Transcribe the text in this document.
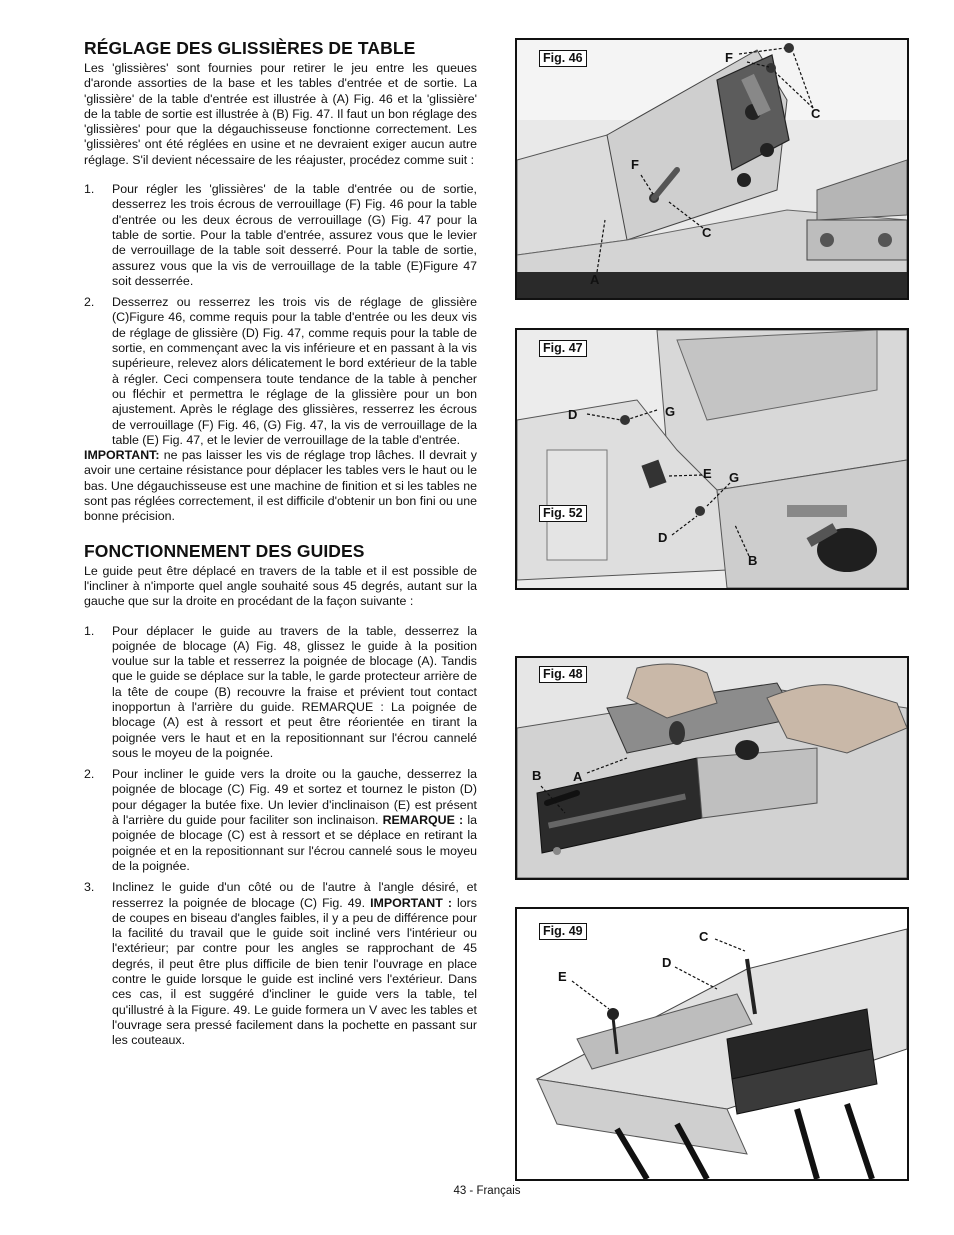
RÉGLAGE DES GLISSIÈRES DE TABLE

Les 'glissières' sont fournies pour retirer le jeu entre les queues d'aronde assorties de la base et les tables d'entrée et de sortie. La 'glissière' de la table d'entrée est illustrée à (A) Fig. 46 et la 'glissière' de la table de sortie est illustrée à (B) Fig. 47. Il faut un bon réglage des 'glissières' pour que la dégauchisseuse fonctionne correctement. Les 'glissières' ont été réglées en usine et ne devraient exiger aucun autre réglage. S'il devient nécessaire de les réajuster, procédez comme suit :

1. Pour régler les 'glissières' de la table d'entrée ou de sortie, desserrez les trois écrous de verrouillage (F) Fig. 46 pour la table d'entrée ou les deux écrous de verrouillage (G) Fig. 47 pour la table de sortie. Pour la table d'entrée, assurez vous que le levier de verrouillage de la table soit desserré. Pour la table de sortie, assurez vous que la vis de verrouillage de la table (E)Figure 47 soit desserrée.
2. Desserrez ou resserrez les trois vis de réglage de glissière (C)Figure 46, comme requis pour la table d'entrée ou les deux vis de réglage de glissière (D) Fig. 47, comme requis pour la table de sortie, en commençant avec la vis inférieure et en passant à la vis supérieure, relevez alors délicatement le bord extérieur de la table à régler. Ceci compensera toute tendance de la table à pencher ou fléchir et permettra le réglage de la glissière pour un bon ajustement. Après le réglage des glissières, resserrez les écrous de verrouillage (F) Fig. 46, (G) Fig. 47, la vis de verrouillage de la table (E) Fig. 47, et le levier de verrouillage de la table d'entrée.

IMPORTANT: ne pas laisser les vis de réglage trop lâches. Il devrait y avoir une certaine résistance pour déplacer les tables vers le haut ou le bas. Une dégauchisseuse est une machine de finition et si les tables ne sont pas réglées correctement, il est difficile d'obtenir un bon fini ou une bonne précision.

FONCTIONNEMENT DES GUIDES

Le guide peut être déplacé en travers de la table et il est possible de l'incliner à n'importe quel angle souhaité sous 45 degrés, autant sur la gauche que sur la droite en procédant de la façon suivante :

1. Pour déplacer le guide au travers de la table, desserrez la poignée de blocage (A) Fig. 48, glissez le guide à la position voulue sur la table et resserrez la poignée de blocage (A). Tandis que le guide se déplace sur la table, le garde protecteur arrière de la tête de coupe (B) recouvre la fraise et prévient tout contact inopportun à l'arrière du guide. REMARQUE : La poignée de blocage (A) est à ressort et peut être réorientée en tirant la poignée vers le haut et en la repositionnant sur l'écrou cannelé sous le moyeu de la poignée.
2. Pour incliner le guide vers la droite ou la gauche, desserrez la poignée de blocage (C) Fig. 49 et sortez et tournez le piston (D) pour dégager la butée fixe. Un levier d'inclinaison (E) est présent à l'arrière du guide pour faciliter son inclinaison. REMARQUE : la poignée de blocage (C) est à ressort et se déplace en retirant la poignée et en la repositionnant sur l'écrou cannelé sous le moyeu de la poignée.
3. Inclinez le guide d'un côté ou de l'autre à l'angle désiré, et resserrez la poignée de blocage (C) Fig. 49. IMPORTANT : lors de coupes en biseau d'angles faibles, il y a peu de différence pour la facilité du travail que le guide soit incliné vers l'intérieur ou l'extérieur; par contre pour les angles se rapprochant de 45 degrés, il peut être plus difficile de bien tenir l'ouvrage en place contre le guide lorsque le guide est incliné vers l'extérieur. Dans ces cas, il est suggéré d'incliner le guide vers la table, tel qu'illustré à la Figure. 49. Le guide formera un V avec les tables et l'ouvrage sera pressé facilement dans la pochette en passant sur les couteaux.
Fig. 46	F
C
F
C
A
Fig. 47
Fig. 52
D	G
E G
D
B
Fig. 48
B A
Fig. 49	C
D
E
43 - Français
